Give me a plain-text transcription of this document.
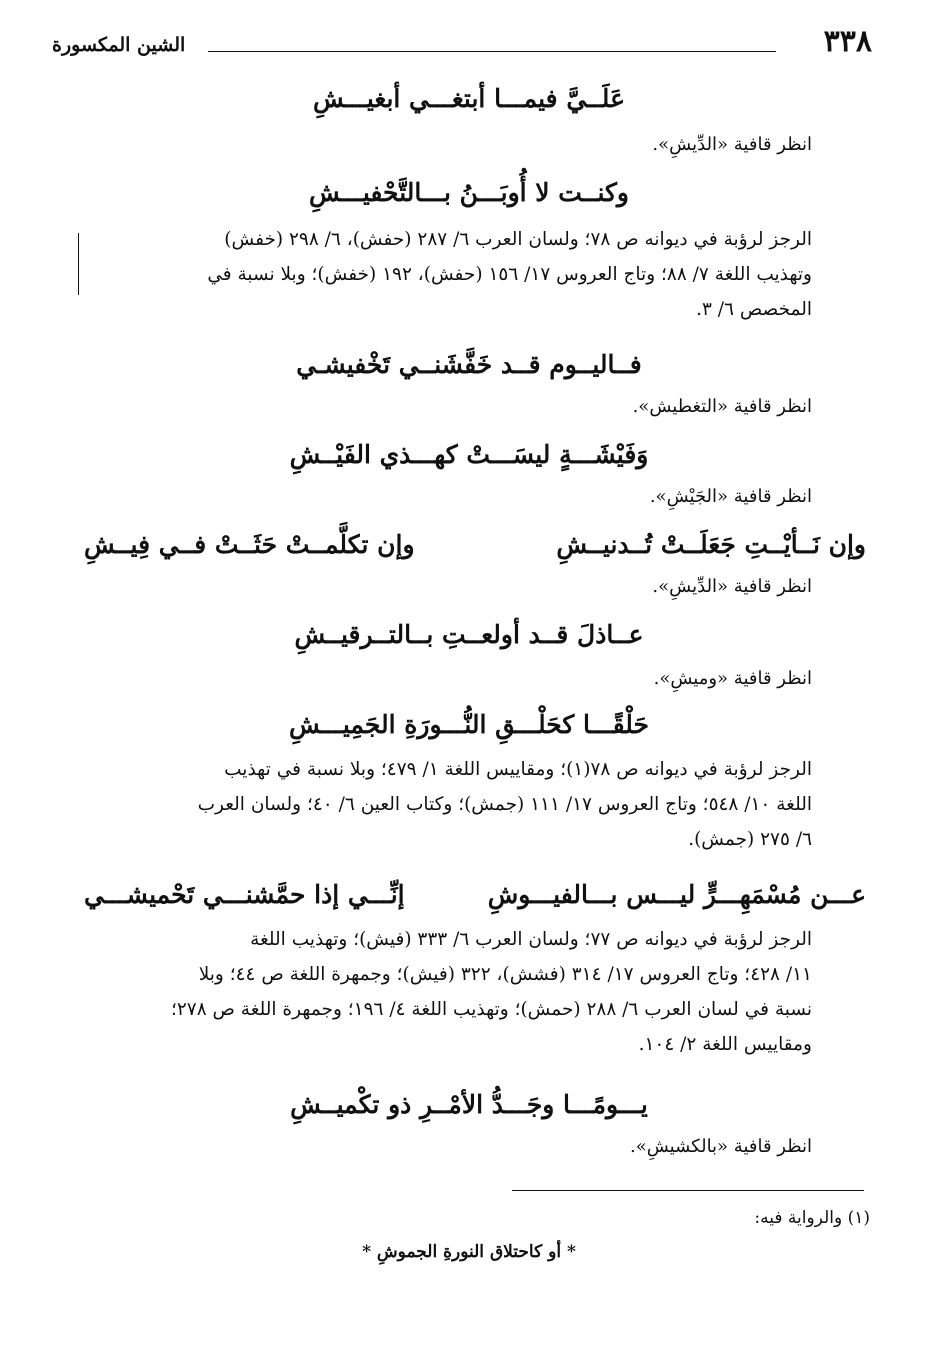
٣٣٨
الشين المكسورة
عَلَــيَّ فيمـــا أبتغـــي أبغيـــشِ
انظر قافية «الدِّيشِ».
وكنــت لا أُوبَـــنُ بـــالتَّحْفيـــشِ
الرجز لرؤبة في ديوانه ص ٧٨؛ ولسان العرب ٦/ ٢٨٧ (حفش)، ٦/ ٢٩٨ (خفش)
وتهذيب اللغة ٧/ ٨٨؛ وتاج العروس ١٧/ ١٥٦ (حفش)، ١٩٢ (خفش)؛ وبلا نسبة في
المخصص ٦/ ٣.
فــاليــوم قــد خَفَّشَنــي تَخْفيشـي
انظر قافية «التغطيش».
وَفَيْشَـــةٍ ليسَـــتْ كهـــذي الفَيْــشِ
انظر قافية «الجَيْشِ».
وإن نَــأيْــتِ جَعَلَــتْ تُــدنيــشِ
وإن تكلَّمــتْ حَثَــتْ فــي فِيــشِ
انظر قافية «الدِّيشِ».
عــاذلَ قــد أولعــتِ بــالتــرقيــشِ
انظر قافية «وميشِ».
حَلْقًـــا كحَلْـــقِ النُّـــورَةِ الجَمِيـــشِ
الرجز لرؤبة في ديوانه ص ٧٨(١)؛ ومقاييس اللغة ١/ ٤٧٩؛ وبلا نسبة في تهذيب
اللغة ١٠/ ٥٤٨؛ وتاج العروس ١٧/ ١١١ (جمش)؛ وكتاب العين ٦/ ٤٠؛ ولسان العرب
٦/ ٢٧٥ (جمش).
عـــن مُسْمَهِـــرٍّ ليـــس بـــالفيـــوشِ
إنِّـــي إذا حمَّشنـــي تَحْميشـــي
الرجز لرؤبة في ديوانه ص ٧٧؛ ولسان العرب ٦/ ٣٣٣ (فيش)؛ وتهذيب اللغة
١١/ ٤٢٨؛ وتاج العروس ١٧/ ٣١٤ (فشش)، ٣٢٢ (فيش)؛ وجمهرة اللغة ص ٤٤؛ وبلا
نسبة في لسان العرب ٦/ ٢٨٨ (حمش)؛ وتهذيب اللغة ٤/ ١٩٦؛ وجمهرة اللغة ص ٢٧٨؛
ومقاييس اللغة ٢/ ١٠٤.
يـــومًـــا وجَـــدُّ الأمْــرِ ذو تكْميــشِ
انظر قافية «بالكشيشِ».
(١) والرواية فيه:
* أو كاحتلاق النورةِ الجموشِ *
